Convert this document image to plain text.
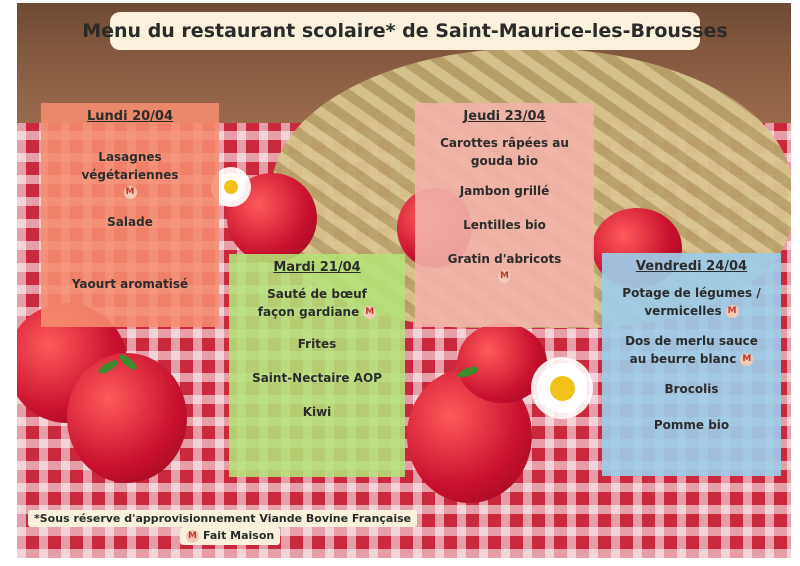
Menu du restaurant scolaire* de Saint-Maurice-les-Brousses
Lundi 20/04
Lasagnes végétariennes
M
Salade
Yaourt aromatisé
Mardi 21/04
Sauté de bœuf façon gardiane M
Frites
Saint-Nectaire AOP
Kiwi
Jeudi 23/04
Carottes râpées au gouda bio
Jambon grillé
Lentilles bio
Gratin d'abricots
M
Vendredi 24/04
Potage de légumes / vermicelles M
Dos de merlu sauce au beurre blanc M
Brocolis
Pomme bio
*Sous réserve d'approvisionnement Viande Bovine Française
M Fait Maison
